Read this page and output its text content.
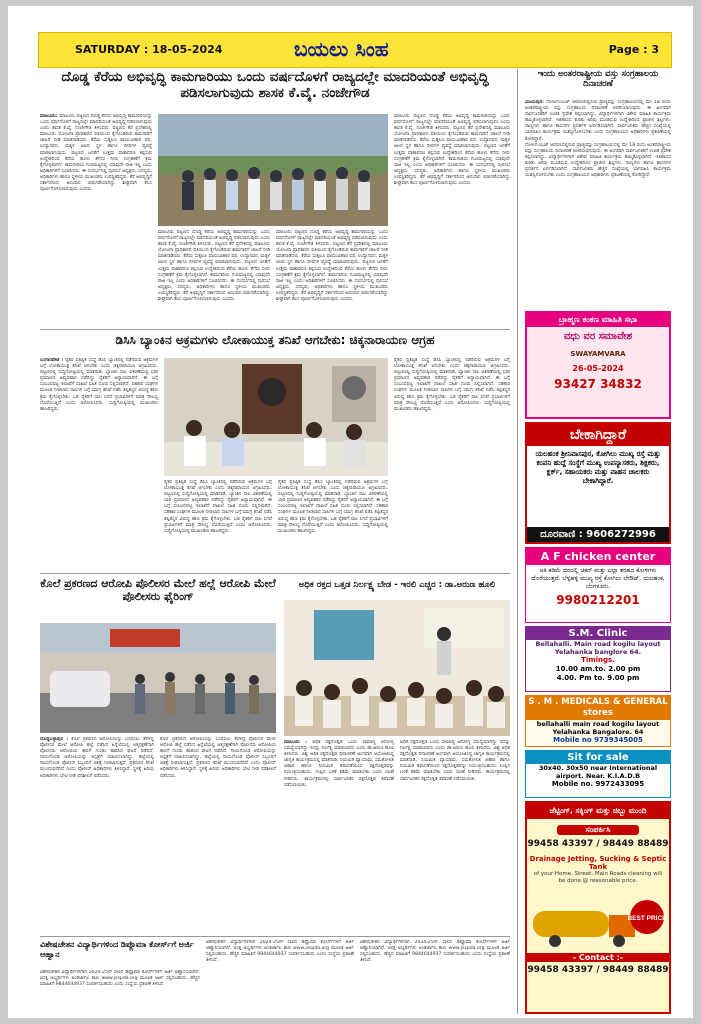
SATURDAY : 18-05-2024	ಬಯಲು ಸಿಂಹ	Page : 3
ದೊಡ್ಡ ಕೆರೆಯ ಅಭಿವೃದ್ಧಿ ಕಾಮಗಾರಿಯು ಒಂದು ವರ್ಷದೊಳಗೆ ರಾಜ್ಯದಲ್ಲೇ ಮಾದರಿಯಂತೆ ಅಭಿವೃದ್ಧಿ ಪಡಿಸಲಾಗುವುದು ಶಾಸಕ ಕೆ.ವೈ. ನಂಜೇಗೌಡ
ಮಾಲೂರು: ಮಾಲೂರು ಪಟ್ಟಣದ ದೊಡ್ಡ ಕೆರೆಯ ಅಭಿವೃದ್ಧಿ ಕಾಮಗಾರಿಯನ್ನು ಒಂದು ವರ್ಷದೊಳಗೆ ರಾಜ್ಯದಲ್ಲೇ ಮಾದರಿಯಂತೆ ಅಭಿವೃದ್ಧಿ ಪಡಿಸಲಾಗುವುದು ಎಂದು ಶಾಸಕ ಕೆ.ವೈ. ನಂಜೇಗೌಡ ತಿಳಿಸಿದರು. ಪಟ್ಟಣದ ಕೆರೆ ಪ್ರದೇಶದಲ್ಲಿ ಮಾಲೂರು ಯೋಜನಾ ಪ್ರಾಧಿಕಾರದ ವತಿಯಿಂದ ಕೈಗೊಂಡಿರುವ ಕಾಮಗಾರಿಗೆ ಚಾಲನೆ ನೀಡಿ ಮಾತನಾಡಿದರು. ಕೆರೆಯ ಸುತ್ತಲೂ ವಾಯುವಿಹಾರ ಪಥ, ಉದ್ಯಾನವನ, ಮಕ್ಕಳ ಆಟದ ಸ್ಥಳ ಹಾಗೂ ದೀಪಗಳ ವ್ಯವಸ್ಥೆ ಮಾಡಲಾಗುವುದು. ಪಟ್ಟಣದ ಜನತೆಗೆ ಉತ್ತಮ ವಾತಾವರಣ ಕಲ್ಪಿಸುವ ಉದ್ದೇಶದಿಂದ ಕೆರೆಯ ಹೂಳು ತೆಗೆದು ನೀರು ಸಂಗ್ರಹಣೆಗೆ ಕ್ರಮ ಕೈಗೊಳ್ಳಲಾಗಿದೆ. ಕಾಮಗಾರಿಯ ಗುಣಮಟ್ಟದಲ್ಲಿ ಯಾವುದೇ ರಾಜಿ ಇಲ್ಲ ಎಂದು ಅಧಿಕಾರಿಗಳಿಗೆ ಸೂಚಿಸಿದರು. ಈ ಸಂದರ್ಭದಲ್ಲಿ ಪುರಸಭೆ ಅಧ್ಯಕ್ಷರು, ಸದಸ್ಯರು, ಅಧಿಕಾರಿಗಳು ಹಾಗೂ ಸ್ಥಳೀಯ ಮುಖಂಡರು ಉಪಸ್ಥಿತರಿದ್ದರು. ಕೆರೆ ಅಭಿವೃದ್ಧಿಗೆ ಸರ್ಕಾರದಿಂದ ಅನುದಾನ ಬಿಡುಗಡೆಯಾಗಿದ್ದು ಶೀಘ್ರವಾಗಿ ಕೆಲಸ ಪೂರ್ಣಗೊಳಿಸಲಾಗುವುದು ಎಂದರು.
ಮಾಲೂರು ಪಟ್ಟಣದ ದೊಡ್ಡ ಕೆರೆಯ ಅಭಿವೃದ್ಧಿ ಕಾಮಗಾರಿಯನ್ನು ಒಂದು ವರ್ಷದೊಳಗೆ ರಾಜ್ಯದಲ್ಲೇ ಮಾದರಿಯಂತೆ ಅಭಿವೃದ್ಧಿ ಪಡಿಸಲಾಗುವುದು ಎಂದು ಶಾಸಕ ಕೆ.ವೈ. ನಂಜೇಗೌಡ ತಿಳಿಸಿದರು. ಪಟ್ಟಣದ ಕೆರೆ ಪ್ರದೇಶದಲ್ಲಿ ಮಾಲೂರು ಯೋಜನಾ ಪ್ರಾಧಿಕಾರದ ವತಿಯಿಂದ ಕೈಗೊಂಡಿರುವ ಕಾಮಗಾರಿಗೆ ಚಾಲನೆ ನೀಡಿ ಮಾತನಾಡಿದರು. ಕೆರೆಯ ಸುತ್ತಲೂ ವಾಯುವಿಹಾರ ಪಥ, ಉದ್ಯಾನವನ, ಮಕ್ಕಳ ಆಟದ ಸ್ಥಳ ಹಾಗೂ ದೀಪಗಳ ವ್ಯವಸ್ಥೆ ಮಾಡಲಾಗುವುದು. ಪಟ್ಟಣದ ಜನತೆಗೆ ಉತ್ತಮ ವಾತಾವರಣ ಕಲ್ಪಿಸುವ ಉದ್ದೇಶದಿಂದ ಕೆರೆಯ ಹೂಳು ತೆಗೆದು ನೀರು ಸಂಗ್ರಹಣೆಗೆ ಕ್ರಮ ಕೈಗೊಳ್ಳಲಾಗಿದೆ. ಕಾಮಗಾರಿಯ ಗುಣಮಟ್ಟದಲ್ಲಿ ಯಾವುದೇ ರಾಜಿ ಇಲ್ಲ ಎಂದು ಅಧಿಕಾರಿಗಳಿಗೆ ಸೂಚಿಸಿದರು. ಈ ಸಂದರ್ಭದಲ್ಲಿ ಪುರಸಭೆ ಅಧ್ಯಕ್ಷರು, ಸದಸ್ಯರು, ಅಧಿಕಾರಿಗಳು ಹಾಗೂ ಸ್ಥಳೀಯ ಮುಖಂಡರು ಉಪಸ್ಥಿತರಿದ್ದರು. ಕೆರೆ ಅಭಿವೃದ್ಧಿಗೆ ಸರ್ಕಾರದಿಂದ ಅನುದಾನ ಬಿಡುಗಡೆಯಾಗಿದ್ದು ಶೀಘ್ರವಾಗಿ ಕೆಲಸ ಪೂರ್ಣಗೊಳಿಸಲಾಗುವುದು ಎಂದರು.
ಮಾಲೂರು ಪಟ್ಟಣದ ದೊಡ್ಡ ಕೆರೆಯ ಅಭಿವೃದ್ಧಿ ಕಾಮಗಾರಿಯನ್ನು ಒಂದು ವರ್ಷದೊಳಗೆ ರಾಜ್ಯದಲ್ಲೇ ಮಾದರಿಯಂತೆ ಅಭಿವೃದ್ಧಿ ಪಡಿಸಲಾಗುವುದು ಎಂದು ಶಾಸಕ ಕೆ.ವೈ. ನಂಜೇಗೌಡ ತಿಳಿಸಿದರು. ಪಟ್ಟಣದ ಕೆರೆ ಪ್ರದೇಶದಲ್ಲಿ ಮಾಲೂರು ಯೋಜನಾ ಪ್ರಾಧಿಕಾರದ ವತಿಯಿಂದ ಕೈಗೊಂಡಿರುವ ಕಾಮಗಾರಿಗೆ ಚಾಲನೆ ನೀಡಿ ಮಾತನಾಡಿದರು. ಕೆರೆಯ ಸುತ್ತಲೂ ವಾಯುವಿಹಾರ ಪಥ, ಉದ್ಯಾನವನ, ಮಕ್ಕಳ ಆಟದ ಸ್ಥಳ ಹಾಗೂ ದೀಪಗಳ ವ್ಯವಸ್ಥೆ ಮಾಡಲಾಗುವುದು. ಪಟ್ಟಣದ ಜನತೆಗೆ ಉತ್ತಮ ವಾತಾವರಣ ಕಲ್ಪಿಸುವ ಉದ್ದೇಶದಿಂದ ಕೆರೆಯ ಹೂಳು ತೆಗೆದು ನೀರು ಸಂಗ್ರಹಣೆಗೆ ಕ್ರಮ ಕೈಗೊಳ್ಳಲಾಗಿದೆ. ಕಾಮಗಾರಿಯ ಗುಣಮಟ್ಟದಲ್ಲಿ ಯಾವುದೇ ರಾಜಿ ಇಲ್ಲ ಎಂದು ಅಧಿಕಾರಿಗಳಿಗೆ ಸೂಚಿಸಿದರು. ಈ ಸಂದರ್ಭದಲ್ಲಿ ಪುರಸಭೆ ಅಧ್ಯಕ್ಷರು, ಸದಸ್ಯರು, ಅಧಿಕಾರಿಗಳು ಹಾಗೂ ಸ್ಥಳೀಯ ಮುಖಂಡರು ಉಪಸ್ಥಿತರಿದ್ದರು. ಕೆರೆ ಅಭಿವೃದ್ಧಿಗೆ ಸರ್ಕಾರದಿಂದ ಅನುದಾನ ಬಿಡುಗಡೆಯಾಗಿದ್ದು ಶೀಘ್ರವಾಗಿ ಕೆಲಸ ಪೂರ್ಣಗೊಳಿಸಲಾಗುವುದು ಎಂದರು.
ಮಾಲೂರು ಪಟ್ಟಣದ ದೊಡ್ಡ ಕೆರೆಯ ಅಭಿವೃದ್ಧಿ ಕಾಮಗಾರಿಯನ್ನು ಒಂದು ವರ್ಷದೊಳಗೆ ರಾಜ್ಯದಲ್ಲೇ ಮಾದರಿಯಂತೆ ಅಭಿವೃದ್ಧಿ ಪಡಿಸಲಾಗುವುದು ಎಂದು ಶಾಸಕ ಕೆ.ವೈ. ನಂಜೇಗೌಡ ತಿಳಿಸಿದರು. ಪಟ್ಟಣದ ಕೆರೆ ಪ್ರದೇಶದಲ್ಲಿ ಮಾಲೂರು ಯೋಜನಾ ಪ್ರಾಧಿಕಾರದ ವತಿಯಿಂದ ಕೈಗೊಂಡಿರುವ ಕಾಮಗಾರಿಗೆ ಚಾಲನೆ ನೀಡಿ ಮಾತನಾಡಿದರು. ಕೆರೆಯ ಸುತ್ತಲೂ ವಾಯುವಿಹಾರ ಪಥ, ಉದ್ಯಾನವನ, ಮಕ್ಕಳ ಆಟದ ಸ್ಥಳ ಹಾಗೂ ದೀಪಗಳ ವ್ಯವಸ್ಥೆ ಮಾಡಲಾಗುವುದು. ಪಟ್ಟಣದ ಜನತೆಗೆ ಉತ್ತಮ ವಾತಾವರಣ ಕಲ್ಪಿಸುವ ಉದ್ದೇಶದಿಂದ ಕೆರೆಯ ಹೂಳು ತೆಗೆದು ನೀರು ಸಂಗ್ರಹಣೆಗೆ ಕ್ರಮ ಕೈಗೊಳ್ಳಲಾಗಿದೆ. ಕಾಮಗಾರಿಯ ಗುಣಮಟ್ಟದಲ್ಲಿ ಯಾವುದೇ ರಾಜಿ ಇಲ್ಲ ಎಂದು ಅಧಿಕಾರಿಗಳಿಗೆ ಸೂಚಿಸಿದರು. ಈ ಸಂದರ್ಭದಲ್ಲಿ ಪುರಸಭೆ ಅಧ್ಯಕ್ಷರು, ಸದಸ್ಯರು, ಅಧಿಕಾರಿಗಳು ಹಾಗೂ ಸ್ಥಳೀಯ ಮುಖಂಡರು ಉಪಸ್ಥಿತರಿದ್ದರು. ಕೆರೆ ಅಭಿವೃದ್ಧಿಗೆ ಸರ್ಕಾರದಿಂದ ಅನುದಾನ ಬಿಡುಗಡೆಯಾಗಿದ್ದು ಶೀಘ್ರವಾಗಿ ಕೆಲಸ ಪೂರ್ಣಗೊಳಿಸಲಾಗುವುದು ಎಂದರು.
ಡಿಸಿಸಿ ಬ್ಯಾಂಕಿನ ಅಕ್ರಮಗಳು ಲೋಕಾಯುಕ್ತ ತನಿಖೆ ಆಗಬೇಕು: ಚಿಕ್ಕನಾರಾಯಣ ಆಗ್ರಹ
ಬಂಗಾರಪೇಟೆ : ರೈತರ ಪ್ರತಿಷ್ಠಿತ ಸಂಸ್ಥೆ ಡಿಸಿಸಿ ಬ್ಯಾಂಕಿನಲ್ಲಿ ನಡೆದಿರುವ ಅಕ್ರಮಗಳ ಬಗ್ಗೆ ಲೋಕಾಯುಕ್ತ ತನಿಖೆ ಆಗಬೇಕು ಎಂದು ಚಿಕ್ಕನಾರಾಯಣ ಆಗ್ರಹಿಸಿದರು. ಪಟ್ಟಣದಲ್ಲಿ ಸುದ್ದಿಗೋಷ್ಠಿಯಲ್ಲಿ ಮಾತನಾಡಿ, ಬ್ಯಾಂಕಿನ ಸಾಲ ವಿತರಣೆಯಲ್ಲಿ ಭಾರಿ ಪ್ರಮಾಣದ ಅವ್ಯವಹಾರ ನಡೆದಿದ್ದು ರೈತರಿಗೆ ಅನ್ಯಾಯವಾಗಿದೆ. ಈ ಬಗ್ಗೆ ಸಂಬಂಧಪಟ್ಟ ಇಲಾಖೆಗೆ ದಾಖಲೆ ಸಹಿತ ದೂರು ಸಲ್ಲಿಸಲಾಗಿದೆ. ಸಹಕಾರ ಸಂಘಗಳ ಮೂಲಕ ನೀಡಲಾದ ಸಾಲಗಳ ಬಗ್ಗೆ ಸಮಗ್ರ ತನಿಖೆ ನಡೆಸಿ ತಪ್ಪಿತಸ್ಥರ ವಿರುದ್ಧ ಕಠಿಣ ಕ್ರಮ ಕೈಗೊಳ್ಳಬೇಕು. ಬಡ ರೈತರಿಗೆ ಸಾಲ ಸಿಗದೆ ಪ್ರಭಾವಿಗಳಿಗೆ ಮಾತ್ರ ಸೌಲಭ್ಯ ದೊರೆಯುತ್ತಿದೆ ಎಂದು ಆರೋಪಿಸಿದರು. ಸುದ್ದಿಗೋಷ್ಠಿಯಲ್ಲಿ ಮುಖಂಡರು ಹಾಜರಿದ್ದರು.
ರೈತರ ಪ್ರತಿಷ್ಠಿತ ಸಂಸ್ಥೆ ಡಿಸಿಸಿ ಬ್ಯಾಂಕಿನಲ್ಲಿ ನಡೆದಿರುವ ಅಕ್ರಮಗಳ ಬಗ್ಗೆ ಲೋಕಾಯುಕ್ತ ತನಿಖೆ ಆಗಬೇಕು ಎಂದು ಚಿಕ್ಕನಾರಾಯಣ ಆಗ್ರಹಿಸಿದರು. ಪಟ್ಟಣದಲ್ಲಿ ಸುದ್ದಿಗೋಷ್ಠಿಯಲ್ಲಿ ಮಾತನಾಡಿ, ಬ್ಯಾಂಕಿನ ಸಾಲ ವಿತರಣೆಯಲ್ಲಿ ಭಾರಿ ಪ್ರಮಾಣದ ಅವ್ಯವಹಾರ ನಡೆದಿದ್ದು ರೈತರಿಗೆ ಅನ್ಯಾಯವಾಗಿದೆ. ಈ ಬಗ್ಗೆ ಸಂಬಂಧಪಟ್ಟ ಇಲಾಖೆಗೆ ದಾಖಲೆ ಸಹಿತ ದೂರು ಸಲ್ಲಿಸಲಾಗಿದೆ. ಸಹಕಾರ ಸಂಘಗಳ ಮೂಲಕ ನೀಡಲಾದ ಸಾಲಗಳ ಬಗ್ಗೆ ಸಮಗ್ರ ತನಿಖೆ ನಡೆಸಿ ತಪ್ಪಿತಸ್ಥರ ವಿರುದ್ಧ ಕಠಿಣ ಕ್ರಮ ಕೈಗೊಳ್ಳಬೇಕು. ಬಡ ರೈತರಿಗೆ ಸಾಲ ಸಿಗದೆ ಪ್ರಭಾವಿಗಳಿಗೆ ಮಾತ್ರ ಸೌಲಭ್ಯ ದೊರೆಯುತ್ತಿದೆ ಎಂದು ಆರೋಪಿಸಿದರು. ಸುದ್ದಿಗೋಷ್ಠಿಯಲ್ಲಿ ಮುಖಂಡರು ಹಾಜರಿದ್ದರು.
ರೈತರ ಪ್ರತಿಷ್ಠಿತ ಸಂಸ್ಥೆ ಡಿಸಿಸಿ ಬ್ಯಾಂಕಿನಲ್ಲಿ ನಡೆದಿರುವ ಅಕ್ರಮಗಳ ಬಗ್ಗೆ ಲೋಕಾಯುಕ್ತ ತನಿಖೆ ಆಗಬೇಕು ಎಂದು ಚಿಕ್ಕನಾರಾಯಣ ಆಗ್ರಹಿಸಿದರು. ಪಟ್ಟಣದಲ್ಲಿ ಸುದ್ದಿಗೋಷ್ಠಿಯಲ್ಲಿ ಮಾತನಾಡಿ, ಬ್ಯಾಂಕಿನ ಸಾಲ ವಿತರಣೆಯಲ್ಲಿ ಭಾರಿ ಪ್ರಮಾಣದ ಅವ್ಯವಹಾರ ನಡೆದಿದ್ದು ರೈತರಿಗೆ ಅನ್ಯಾಯವಾಗಿದೆ. ಈ ಬಗ್ಗೆ ಸಂಬಂಧಪಟ್ಟ ಇಲಾಖೆಗೆ ದಾಖಲೆ ಸಹಿತ ದೂರು ಸಲ್ಲಿಸಲಾಗಿದೆ. ಸಹಕಾರ ಸಂಘಗಳ ಮೂಲಕ ನೀಡಲಾದ ಸಾಲಗಳ ಬಗ್ಗೆ ಸಮಗ್ರ ತನಿಖೆ ನಡೆಸಿ ತಪ್ಪಿತಸ್ಥರ ವಿರುದ್ಧ ಕಠಿಣ ಕ್ರಮ ಕೈಗೊಳ್ಳಬೇಕು. ಬಡ ರೈತರಿಗೆ ಸಾಲ ಸಿಗದೆ ಪ್ರಭಾವಿಗಳಿಗೆ ಮಾತ್ರ ಸೌಲಭ್ಯ ದೊರೆಯುತ್ತಿದೆ ಎಂದು ಆರೋಪಿಸಿದರು. ಸುದ್ದಿಗೋಷ್ಠಿಯಲ್ಲಿ ಮುಖಂಡರು ಹಾಜರಿದ್ದರು.
ರೈತರ ಪ್ರತಿಷ್ಠಿತ ಸಂಸ್ಥೆ ಡಿಸಿಸಿ ಬ್ಯಾಂಕಿನಲ್ಲಿ ನಡೆದಿರುವ ಅಕ್ರಮಗಳ ಬಗ್ಗೆ ಲೋಕಾಯುಕ್ತ ತನಿಖೆ ಆಗಬೇಕು ಎಂದು ಚಿಕ್ಕನಾರಾಯಣ ಆಗ್ರಹಿಸಿದರು. ಪಟ್ಟಣದಲ್ಲಿ ಸುದ್ದಿಗೋಷ್ಠಿಯಲ್ಲಿ ಮಾತನಾಡಿ, ಬ್ಯಾಂಕಿನ ಸಾಲ ವಿತರಣೆಯಲ್ಲಿ ಭಾರಿ ಪ್ರಮಾಣದ ಅವ್ಯವಹಾರ ನಡೆದಿದ್ದು ರೈತರಿಗೆ ಅನ್ಯಾಯವಾಗಿದೆ. ಈ ಬಗ್ಗೆ ಸಂಬಂಧಪಟ್ಟ ಇಲಾಖೆಗೆ ದಾಖಲೆ ಸಹಿತ ದೂರು ಸಲ್ಲಿಸಲಾಗಿದೆ. ಸಹಕಾರ ಸಂಘಗಳ ಮೂಲಕ ನೀಡಲಾದ ಸಾಲಗಳ ಬಗ್ಗೆ ಸಮಗ್ರ ತನಿಖೆ ನಡೆಸಿ ತಪ್ಪಿತಸ್ಥರ ವಿರುದ್ಧ ಕಠಿಣ ಕ್ರಮ ಕೈಗೊಳ್ಳಬೇಕು. ಬಡ ರೈತರಿಗೆ ಸಾಲ ಸಿಗದೆ ಪ್ರಭಾವಿಗಳಿಗೆ ಮಾತ್ರ ಸೌಲಭ್ಯ ದೊರೆಯುತ್ತಿದೆ ಎಂದು ಆರೋಪಿಸಿದರು. ಸುದ್ದಿಗೋಷ್ಠಿಯಲ್ಲಿ ಮುಖಂಡರು ಹಾಜರಿದ್ದರು.
ಕೊಲೆ ಪ್ರಕರಣದ ಆರೋಪಿ ಪೊಲೀಸರ ಮೇಲೆ ಹಲ್ಲೆ ಆರೋಪಿ ಮೇಲೆ ಪೊಲೀಸರು ಫೈರಿಂಗ್
ದೊಡ್ಡಬಳ್ಳಾಪುರ : ಕೊಲೆ ಪ್ರಕರಣದ ಆರೋಪಿಯನ್ನು ಬಂಧಿಸಲು ತೆರಳಿದ್ದ ಪೊಲೀಸರ ಮೇಲೆ ಆರೋಪಿ ಹಲ್ಲೆ ನಡೆಸಿದ ಹಿನ್ನೆಲೆಯಲ್ಲಿ ಆತ್ಮರಕ್ಷಣೆಗಾಗಿ ಪೊಲೀಸರು ಆರೋಪಿಯ ಕಾಲಿಗೆ ಗುಂಡು ಹಾರಿಸಿದ ಘಟನೆ ನಡೆದಿದೆ. ಗಾಯಗೊಂಡ ಆರೋಪಿಯನ್ನು ಆಸ್ಪತ್ರೆಗೆ ದಾಖಲಿಸಲಾಗಿದ್ದು, ಹಲ್ಲೆಯಲ್ಲಿ ಗಾಯಗೊಂಡ ಪೊಲೀಸ್ ಸಿಬ್ಬಂದಿಗೆ ಚಿಕಿತ್ಸೆ ನೀಡಲಾಗುತ್ತಿದೆ. ಪ್ರಕರಣದ ತನಿಖೆ ಮುಂದುವರೆದಿದೆ ಎಂದು ಪೊಲೀಸ್ ಅಧಿಕಾರಿಗಳು ತಿಳಿಸಿದ್ದಾರೆ. ಸ್ಥಳಕ್ಕೆ ಹಿರಿಯ ಅಧಿಕಾರಿಗಳು ಭೇಟಿ ನೀಡಿ ಪರಿಶೀಲನೆ ನಡೆಸಿದರು.
ಕೊಲೆ ಪ್ರಕರಣದ ಆರೋಪಿಯನ್ನು ಬಂಧಿಸಲು ತೆರಳಿದ್ದ ಪೊಲೀಸರ ಮೇಲೆ ಆರೋಪಿ ಹಲ್ಲೆ ನಡೆಸಿದ ಹಿನ್ನೆಲೆಯಲ್ಲಿ ಆತ್ಮರಕ್ಷಣೆಗಾಗಿ ಪೊಲೀಸರು ಆರೋಪಿಯ ಕಾಲಿಗೆ ಗುಂಡು ಹಾರಿಸಿದ ಘಟನೆ ನಡೆದಿದೆ. ಗಾಯಗೊಂಡ ಆರೋಪಿಯನ್ನು ಆಸ್ಪತ್ರೆಗೆ ದಾಖಲಿಸಲಾಗಿದ್ದು, ಹಲ್ಲೆಯಲ್ಲಿ ಗಾಯಗೊಂಡ ಪೊಲೀಸ್ ಸಿಬ್ಬಂದಿಗೆ ಚಿಕಿತ್ಸೆ ನೀಡಲಾಗುತ್ತಿದೆ. ಪ್ರಕರಣದ ತನಿಖೆ ಮುಂದುವರೆದಿದೆ ಎಂದು ಪೊಲೀಸ್ ಅಧಿಕಾರಿಗಳು ತಿಳಿಸಿದ್ದಾರೆ. ಸ್ಥಳಕ್ಕೆ ಹಿರಿಯ ಅಧಿಕಾರಿಗಳು ಭೇಟಿ ನೀಡಿ ಪರಿಶೀಲನೆ ನಡೆಸಿದರು.
ಅಧಿಕ ರಕ್ತದ ಒತ್ತಡ ನಿರ್ಲಕ್ಷ್ಯ ಬೇಡ - ಇರಲಿ ಎಚ್ಚರ : ಡಾ.ಅರುಣ ಹೂಲಿ
ಮಾಲೂರು : ಅಧಿಕ ರಕ್ತದೊತ್ತಡ ಒಂದು ಸಾಮಾನ್ಯ ಆರೋಗ್ಯ ಸಮಸ್ಯೆಯಾಗಿದ್ದು ಇದನ್ನು ನಿರ್ಲಕ್ಷ್ಯ ಮಾಡಬಾರದು ಎಂದು ಡಾ.ಅರುಣ ಹೂಲಿ ತಿಳಿಸಿದರು. ವಿಶ್ವ ಅಧಿಕ ರಕ್ತದೊತ್ತಡ ದಿನಾಚರಣೆ ಅಂಗವಾಗಿ ಆಯೋಜಿಸಿದ್ದ ಜಾಗೃತಿ ಕಾರ್ಯಕ್ರಮದಲ್ಲಿ ಮಾತನಾಡಿ, ನಿಯಮಿತ ವ್ಯಾಯಾಮ, ಸಮತೋಲಿತ ಆಹಾರ ಹಾಗೂ ನಿಯಮಿತ ತಪಾಸಣೆಯಿಂದ ರಕ್ತದೊತ್ತಡವನ್ನು ನಿಯಂತ್ರಿಸಬಹುದು. ಉಪ್ಪಿನ ಬಳಕೆ ಕಡಿಮೆ ಮಾಡಬೇಕು ಎಂದು ಸಲಹೆ ನೀಡಿದರು. ಕಾರ್ಯಕ್ರಮದಲ್ಲಿ ಸಾರ್ವಜನಿಕರ ರಕ್ತದೊತ್ತಡ ತಪಾಸಣೆ ನಡೆಸಲಾಯಿತು.
ಅಧಿಕ ರಕ್ತದೊತ್ತಡ ಒಂದು ಸಾಮಾನ್ಯ ಆರೋಗ್ಯ ಸಮಸ್ಯೆಯಾಗಿದ್ದು ಇದನ್ನು ನಿರ್ಲಕ್ಷ್ಯ ಮಾಡಬಾರದು ಎಂದು ಡಾ.ಅರುಣ ಹೂಲಿ ತಿಳಿಸಿದರು. ವಿಶ್ವ ಅಧಿಕ ರಕ್ತದೊತ್ತಡ ದಿನಾಚರಣೆ ಅಂಗವಾಗಿ ಆಯೋಜಿಸಿದ್ದ ಜಾಗೃತಿ ಕಾರ್ಯಕ್ರಮದಲ್ಲಿ ಮಾತನಾಡಿ, ನಿಯಮಿತ ವ್ಯಾಯಾಮ, ಸಮತೋಲಿತ ಆಹಾರ ಹಾಗೂ ನಿಯಮಿತ ತಪಾಸಣೆಯಿಂದ ರಕ್ತದೊತ್ತಡವನ್ನು ನಿಯಂತ್ರಿಸಬಹುದು. ಉಪ್ಪಿನ ಬಳಕೆ ಕಡಿಮೆ ಮಾಡಬೇಕು ಎಂದು ಸಲಹೆ ನೀಡಿದರು. ಕಾರ್ಯಕ್ರಮದಲ್ಲಿ ಸಾರ್ವಜನಿಕರ ರಕ್ತದೊತ್ತಡ ತಪಾಸಣೆ ನಡೆಸಲಾಯಿತು.
ವಿಶೇಷಚೇತನ ವಿದ್ಯಾರ್ಥಿಗಳಿಂದ ಡಿಪ್ಲೊಮಾ ಕೋರ್ಸ್‌ಗೆ ಅರ್ಜಿ ಆಹ್ವಾನ
ವಿಶೇಷಚೇತನ ವಿದ್ಯಾರ್ಥಿಗಳಿಗಾಗಿ 2024-25ನೇ ಸಾಲಿನ ಡಿಪ್ಲೊಮಾ ಕೋರ್ಸ್‌ಗಳಿಗೆ ಅರ್ಜಿ ಆಹ್ವಾನಿಸಲಾಗಿದೆ. ಆಸಕ್ತ ಅಭ್ಯರ್ಥಿಗಳು ಅಂತರ್ಜಾಲ ತಾಣ www.jsspda.org ಮೂಲಕ ಅರ್ಜಿ ಸಲ್ಲಿಸಬಹುದು. ಹೆಚ್ಚಿನ ಮಾಹಿತಿಗೆ 9844644937 ಸಂಪರ್ಕಿಸಬಹುದು ಎಂದು ಸಂಸ್ಥೆಯ ಪ್ರಕಟಣೆ ತಿಳಿಸಿದೆ.
ವಿಶೇಷಚೇತನ ವಿದ್ಯಾರ್ಥಿಗಳಿಗಾಗಿ 2024-25ನೇ ಸಾಲಿನ ಡಿಪ್ಲೊಮಾ ಕೋರ್ಸ್‌ಗಳಿಗೆ ಅರ್ಜಿ ಆಹ್ವಾನಿಸಲಾಗಿದೆ. ಆಸಕ್ತ ಅಭ್ಯರ್ಥಿಗಳು ಅಂತರ್ಜಾಲ ತಾಣ www.jsspda.org ಮೂಲಕ ಅರ್ಜಿ ಸಲ್ಲಿಸಬಹುದು. ಹೆಚ್ಚಿನ ಮಾಹಿತಿಗೆ 9844644937 ಸಂಪರ್ಕಿಸಬಹುದು ಎಂದು ಸಂಸ್ಥೆಯ ಪ್ರಕಟಣೆ ತಿಳಿಸಿದೆ.
ವಿಶೇಷಚೇತನ ವಿದ್ಯಾರ್ಥಿಗಳಿಗಾಗಿ 2024-25ನೇ ಸಾಲಿನ ಡಿಪ್ಲೊಮಾ ಕೋರ್ಸ್‌ಗಳಿಗೆ ಅರ್ಜಿ ಆಹ್ವಾನಿಸಲಾಗಿದೆ. ಆಸಕ್ತ ಅಭ್ಯರ್ಥಿಗಳು ಅಂತರ್ಜಾಲ ತಾಣ www.jsspda.org ಮೂಲಕ ಅರ್ಜಿ ಸಲ್ಲಿಸಬಹುದು. ಹೆಚ್ಚಿನ ಮಾಹಿತಿಗೆ 9844644937 ಸಂಪರ್ಕಿಸಬಹುದು ಎಂದು ಸಂಸ್ಥೆಯ ಪ್ರಕಟಣೆ ತಿಳಿಸಿದೆ.
ಇಂದು ಅಂತರರಾಷ್ಟ್ರೀಯ ವಸ್ತು ಸಂಗ್ರಹಾಲಯ ದಿನಾಚರಣೆ
ವಿಜಯಪುರ: ಗೋಲಗುಂಬಜ್ ಆವರಣದಲ್ಲಿರುವ ಪ್ರಾಚ್ಯವಸ್ತು ಸಂಗ್ರಹಾಲಯದಲ್ಲಿ ಮೇ 18 ರಂದು ಅಂತರರಾಷ್ಟ್ರೀಯ ವಸ್ತು ಸಂಗ್ರಹಾಲಯ ದಿನಾಚರಣೆ ಆಚರಿಸಲಾಗುವುದು. ಈ ಅಂಗವಾಗಿ ಸಾರ್ವಜನಿಕರಿಗೆ ಉಚಿತ ಪ್ರವೇಶ ಕಲ್ಪಿಸಲಾಗಿದ್ದು, ವಿದ್ಯಾರ್ಥಿಗಳಿಗಾಗಿ ವಿಶೇಷ ಮಾಹಿತಿ ಕಾರ್ಯಕ್ರಮ ಹಮ್ಮಿಕೊಳ್ಳಲಾಗಿದೆ. ಇತಿಹಾಸದ ಕುರಿತು ಅರಿವು ಮೂಡಿಸುವ ಉದ್ದೇಶದಿಂದ ಪ್ರಾಚೀನ ಶಿಲ್ಪಗಳು, ನಾಣ್ಯಗಳು ಹಾಗೂ ಶಾಸನಗಳ ಪ್ರದರ್ಶನ ಏರ್ಪಡಿಸಲಾಗಿದೆ. ಸಾರ್ವಜನಿಕರು ಹೆಚ್ಚಿನ ಸಂಖ್ಯೆಯಲ್ಲಿ ಭಾಗವಹಿಸಿ ಕಾರ್ಯಕ್ರಮ ಯಶಸ್ವಿಗೊಳಿಸಬೇಕು ಎಂದು ಸಂಗ್ರಹಾಲಯದ ಅಧಿಕಾರಿಗಳು ಪ್ರಕಟಣೆಯಲ್ಲಿ ಕೋರಿದ್ದಾರೆ.
ಗೋಲಗುಂಬಜ್ ಆವರಣದಲ್ಲಿರುವ ಪ್ರಾಚ್ಯವಸ್ತು ಸಂಗ್ರಹಾಲಯದಲ್ಲಿ ಮೇ 18 ರಂದು ಅಂತರರಾಷ್ಟ್ರೀಯ ವಸ್ತು ಸಂಗ್ರಹಾಲಯ ದಿನಾಚರಣೆ ಆಚರಿಸಲಾಗುವುದು. ಈ ಅಂಗವಾಗಿ ಸಾರ್ವಜನಿಕರಿಗೆ ಉಚಿತ ಪ್ರವೇಶ ಕಲ್ಪಿಸಲಾಗಿದ್ದು, ವಿದ್ಯಾರ್ಥಿಗಳಿಗಾಗಿ ವಿಶೇಷ ಮಾಹಿತಿ ಕಾರ್ಯಕ್ರಮ ಹಮ್ಮಿಕೊಳ್ಳಲಾಗಿದೆ. ಇತಿಹಾಸದ ಕುರಿತು ಅರಿವು ಮೂಡಿಸುವ ಉದ್ದೇಶದಿಂದ ಪ್ರಾಚೀನ ಶಿಲ್ಪಗಳು, ನಾಣ್ಯಗಳು ಹಾಗೂ ಶಾಸನಗಳ ಪ್ರದರ್ಶನ ಏರ್ಪಡಿಸಲಾಗಿದೆ. ಸಾರ್ವಜನಿಕರು ಹೆಚ್ಚಿನ ಸಂಖ್ಯೆಯಲ್ಲಿ ಭಾಗವಹಿಸಿ ಕಾರ್ಯಕ್ರಮ ಯಶಸ್ವಿಗೊಳಿಸಬೇಕು ಎಂದು ಸಂಗ್ರಹಾಲಯದ ಅಧಿಕಾರಿಗಳು ಪ್ರಕಟಣೆಯಲ್ಲಿ ಕೋರಿದ್ದಾರೆ.
ಬ್ರಾಹ್ಮಣ ಕಂಕಣ ಮಾಹಿತಿ ಸಭಾ
ವಧು ವರ ಸಮಾವೇಶ
SWAYAMVARA
26-05-2024
93427 34832
ಬೇಕಾಗಿದ್ದಾರೆ
ಯಲಹಂಕ ಶ್ರೀನಿವಾಸಪುರ, ಕೋಗಿಲು ಮುಖ್ಯ ರಸ್ತೆ ಮತ್ತು ಕಂಪನಿ ಹುದ್ದೆ ಸಂಸ್ಥೆಗೆ ಮುಖ್ಯ ಉಪನ್ಯಾಸಕರು, ಶಿಕ್ಷಕರು, ಕ್ಲರ್ಕ್, ಸಹಾಯಕರು ಮತ್ತು ವಾಹನ ಚಾಲಕರು ಬೇಕಾಗಿದ್ದಾರೆ.
ದೂರವಾಣಿ : 9606272996
A F chicken center
ಅತಿ ಕಡಿಮೆ ದರದಲ್ಲಿ ಚಿಕನ್ ಮತ್ತು ಎಲ್ಲಾ ತರಹದ ಕೋಳಿಗಳು ದೊರೆಯುತ್ತವೆ. ಬೆಳ್ಳಹಳ್ಳಿ ಮುಖ್ಯ ರಸ್ತೆ ಕೋಗಿಲು ಲೇಔಟ್, ಯಲಹಂಕ, ಬೆಂಗಳೂರು.
9980212201
S.M. Clinic
Bellahalli. Main road kogilu layout Yelahanka banglore 64.
Timings.
10.00 am.to. 2.00 pm
4.00. Pm to. 9.00 pm
S . M . MEDICALS & GENERAL stores
bellahalli main road kogilu layout Yelahanka Bangalore. 64
Mobile no 9739345005
Sit for sale
30x40. 30x50 near International airport. Near. K.I.A.D.B
Mobile no. 9972433095
ಜೆಟ್ಟಿಂಗ್, ಸಕ್ಕಿಂಗ್ ಮತ್ತು ಚಿಬ್ಬು ಮುಂದಿ
ಸಂಪರ್ಕಿಸಿ
99458 43397 / 98449 88489
Drainage Jetting, Sucking & Septic Tank
of your Home, Street, Main Roads cleaning will be done @ reasonable price.
BEST PRICE
- Contact :-
99458 43397 / 98449 88489
